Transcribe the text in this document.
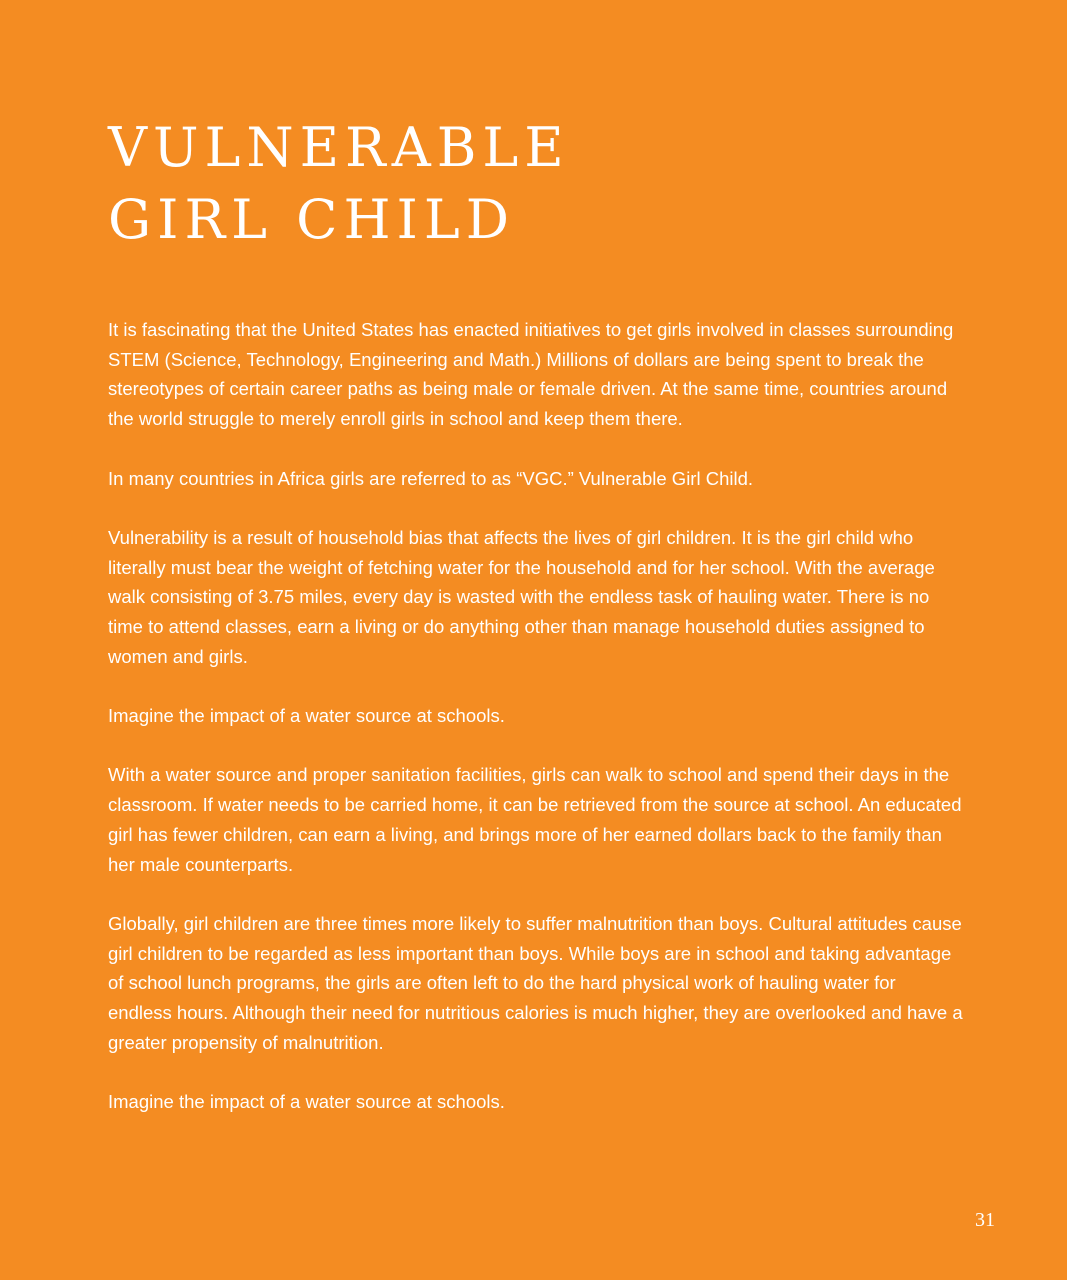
VULNERABLE
GIRL CHILD

It is fascinating that the United States has enacted initiatives to get girls involved in classes surrounding STEM (Science, Technology, Engineering and Math.) Millions of dollars are being spent to break the stereotypes of certain career paths as being male or female driven. At the same time, countries around the world struggle to merely enroll girls in school and keep them there.

In many countries in Africa girls are referred to as “VGC.” Vulnerable Girl Child.

Vulnerability is a result of household bias that affects the lives of girl children. It is the girl child who literally must bear the weight of fetching water for the household and for her school. With the average walk consisting of 3.75 miles, every day is wasted with the endless task of hauling water. There is no time to attend classes, earn a living or do anything other than manage household duties assigned to women and girls.

Imagine the impact of a water source at schools.

With a water source and proper sanitation facilities, girls can walk to school and spend their days in the classroom. If water needs to be carried home, it can be retrieved from the source at school. An educated girl has fewer children, can earn a living, and brings more of her earned dollars back to the family than her male counterparts.

Globally, girl children are three times more likely to suffer malnutrition than boys. Cultural attitudes cause girl children to be regarded as less important than boys. While boys are in school and taking advantage of school lunch programs, the girls are often left to do the hard physical work of hauling water for endless hours. Although their need for nutritious calories is much higher, they are overlooked and have a greater propensity of malnutrition.

Imagine the impact of a water source at schools.

31
